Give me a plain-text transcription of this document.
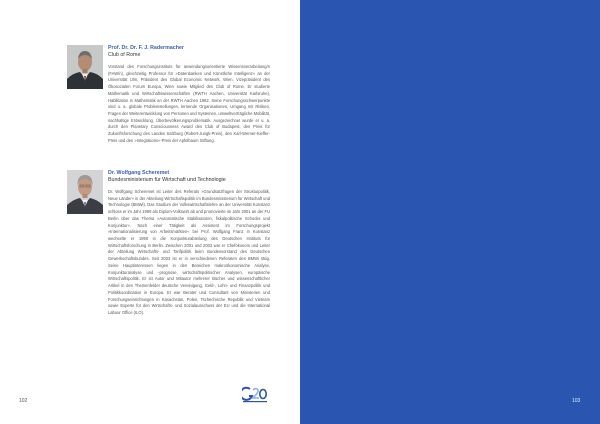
Prof. Dr. Dr. F. J. Radermacher
Club of Rome

Vorstand des Forschungsinstituts für anwendungsorientierte Wissensverarbeitung/n (FAW/n), gleichzeitig Professor für »Datenbanken und Künstliche Intelligenz« an der Universität Ulm, Präsident des Global Economic Network, Wien, Vizepräsident des Ökosozialen Forum Europa, Wien sowie Mitglied des Club of Rome. Er studierte Mathematik und Wirtschaftswissenschaften (RWTH Aachen, Universität Karlsruhe), Habilitation in Mathematik an der RWTH Aachen 1982. Seine Forschungsschwerpunkte sind u. a. globale Problemstellungen, lernende Organisationen, Umgang mit Risiken, Fragen der Weiterentwicklung von Personen und Systemen, umweltverträgliche Mobilität, nachhaltige Entwicklung, Überbevölkerungsproblematik. Ausgezeichnet wurde er u. a. durch den Planetary Consciousness Award des Club of Budapest, den Preis für Zukunftsforschung des Landes Salzburg (Robert-Jungk-Preis), den Karl-Werner-Kieffer-Preis und den »Integrations«-Preis der Apfelbaum Stiftung.

Dr. Wolfgang Scheremet
Bundesministerium für Wirtschaft und Technologie

Dr. Wolfgang Scheremet ist Leiter des Referats »Grundsatzfragen der Strukturpolitik, Neue Länder« in der Abteilung Wirtschaftspolitik im Bundesministerium für Wirtschaft und Technologie (BMWi). Das Studium der Volkswirtschaftslehre an der Universität Konstanz schloss er im Jahr 1989 als Diplom-Volkswirt ab und promovierte im Jahr 2001 an der FU Berlin über das Thema »Automatische Stabilisatoren, fiskalpolitische Schocks und Konjunktur«. Nach einer Tätigkeit als Assistent im Forschungsprojekt »Internationalisierung von Arbeitsmärkten« bei Prof. Wolfgang Franz in Konstanz wechselte er 1990 in die Konjunkturabteilung des Deutschen Instituts für Wirtschaftsforschung in Berlin. Zwischen 2001 und 2003 war er Chefökonom und Leiter der Abteilung Wirtschafts- und Tarifpolitik beim Bundesvorstand des Deutschen Gewerkschaftsbundes. Seit 2003 ist er in verschiedenen Referaten des BMWi tätig. Seine Hauptinteressen liegen in den Bereichen makroökonomische Analyse, Konjunkturanalyse und -prognose, wirtschaftspolitischer Analysen, europäische Wirtschaftspolitik. Er ist Autor und Mitautor mehrerer Bücher und wissenschaftlicher Artikel in den Themenfelder deutsche Vereinigung, Geld-, Lohn- und Finanzpolitik und Politikkoordination in Europa. Er war Berater und Consultant von Ministerien und Forschungseinrichtungen in Kasachstan, Polen, Tschechische Republik und Vietnam sowie Experte für den Wirtschafts- und Sozialausschuss der EU und die International Labour Office (ILO).

102	103
